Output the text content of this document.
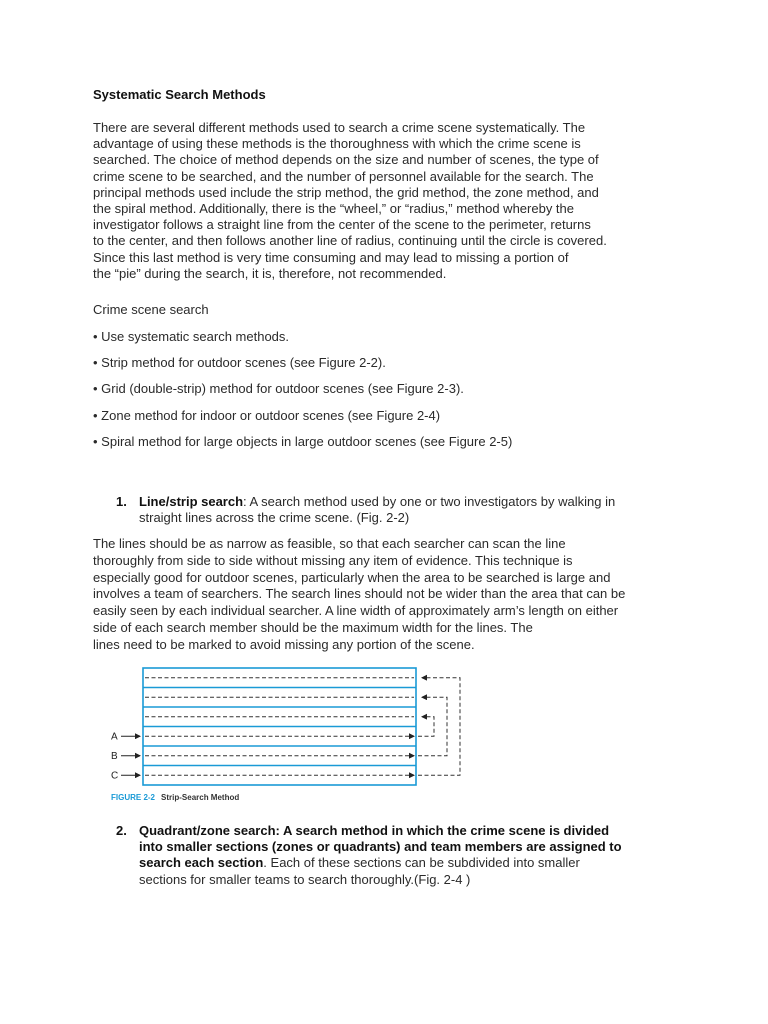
Systematic Search Methods
There are several different methods used to search a crime scene systematically. The
advantage of using these methods is the thoroughness with which the crime scene is
searched. The choice of method depends on the size and number of scenes, the type of
crime scene to be searched, and the number of personnel available for the search. The
principal methods used include the strip method, the grid method, the zone method, and
the spiral method. Additionally, there is the “wheel,” or “radius,” method whereby the
investigator follows a straight line from the center of the scene to the perimeter, returns
to the center, and then follows another line of radius, continuing until the circle is covered.
Since this last method is very time consuming and may lead to missing a portion of
the “pie” during the search, it is, therefore, not recommended.
Crime scene search
• Use systematic search methods.
• Strip method for outdoor scenes (see Figure 2-2).
• Grid (double-strip) method for outdoor scenes (see Figure 2-3).
• Zone method for indoor or outdoor scenes (see Figure 2-4)
• Spiral method for large objects in large outdoor scenes (see Figure 2-5)
1. Line/strip search: A search method used by one or two investigators by walking in
straight lines across the crime scene. (Fig. 2-2)
The lines should be as narrow as feasible, so that each searcher can scan the line
thoroughly from side to side without missing any item of evidence. This technique is
especially good for outdoor scenes, particularly when the area to be searched is large and
involves a team of searchers. The search lines should not be wider than the area that can be
easily seen by each individual searcher. A line width of approximately arm’s length on either
side of each search member should be the maximum width for the lines. The
lines need to be marked to avoid missing any portion of the scene.
A
B
C
FIGURE 2-2 Strip-Search Method
2. Quadrant/zone search: A search method in which the crime scene is divided
into smaller sections (zones or quadrants) and team members are assigned to
search each section. Each of these sections can be subdivided into smaller
sections for smaller teams to search thoroughly.(Fig. 2-4 )
